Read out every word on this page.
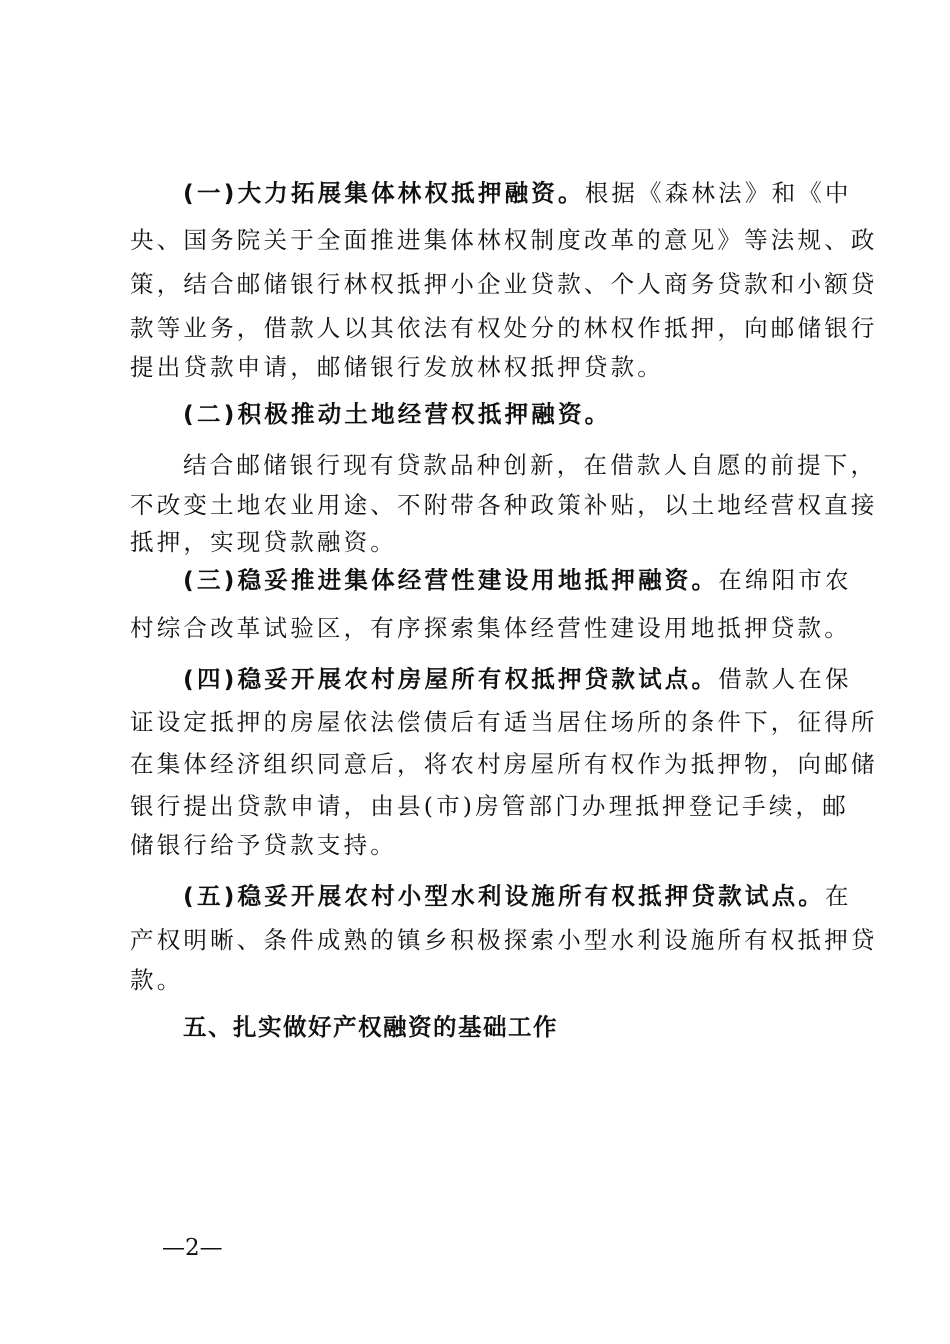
(一)大力拓展集体林权抵押融资。根据《森林法》和《中
央、国务院关于全面推进集体林权制度改革的意见》等法规、政
策，结合邮储银行林权抵押小企业贷款、个人商务贷款和小额贷
款等业务，借款人以其依法有权处分的林权作抵押，向邮储银行
提出贷款申请，邮储银行发放林权抵押贷款。
(二)积极推动土地经营权抵押融资。
结合邮储银行现有贷款品种创新，在借款人自愿的前提下，
不改变土地农业用途、不附带各种政策补贴，以土地经营权直接
抵押，实现贷款融资。
(三)稳妥推进集体经营性建设用地抵押融资。在绵阳市农
村综合改革试验区，有序探索集体经营性建设用地抵押贷款。
(四)稳妥开展农村房屋所有权抵押贷款试点。借款人在保
证设定抵押的房屋依法偿债后有适当居住场所的条件下，征得所
在集体经济组织同意后，将农村房屋所有权作为抵押物，向邮储
银行提出贷款申请，由县(市)房管部门办理抵押登记手续，邮
储银行给予贷款支持。
(五)稳妥开展农村小型水利设施所有权抵押贷款试点。在
产权明晰、条件成熟的镇乡积极探索小型水利设施所有权抵押贷
款。
五、扎实做好产权融资的基础工作
—2—
